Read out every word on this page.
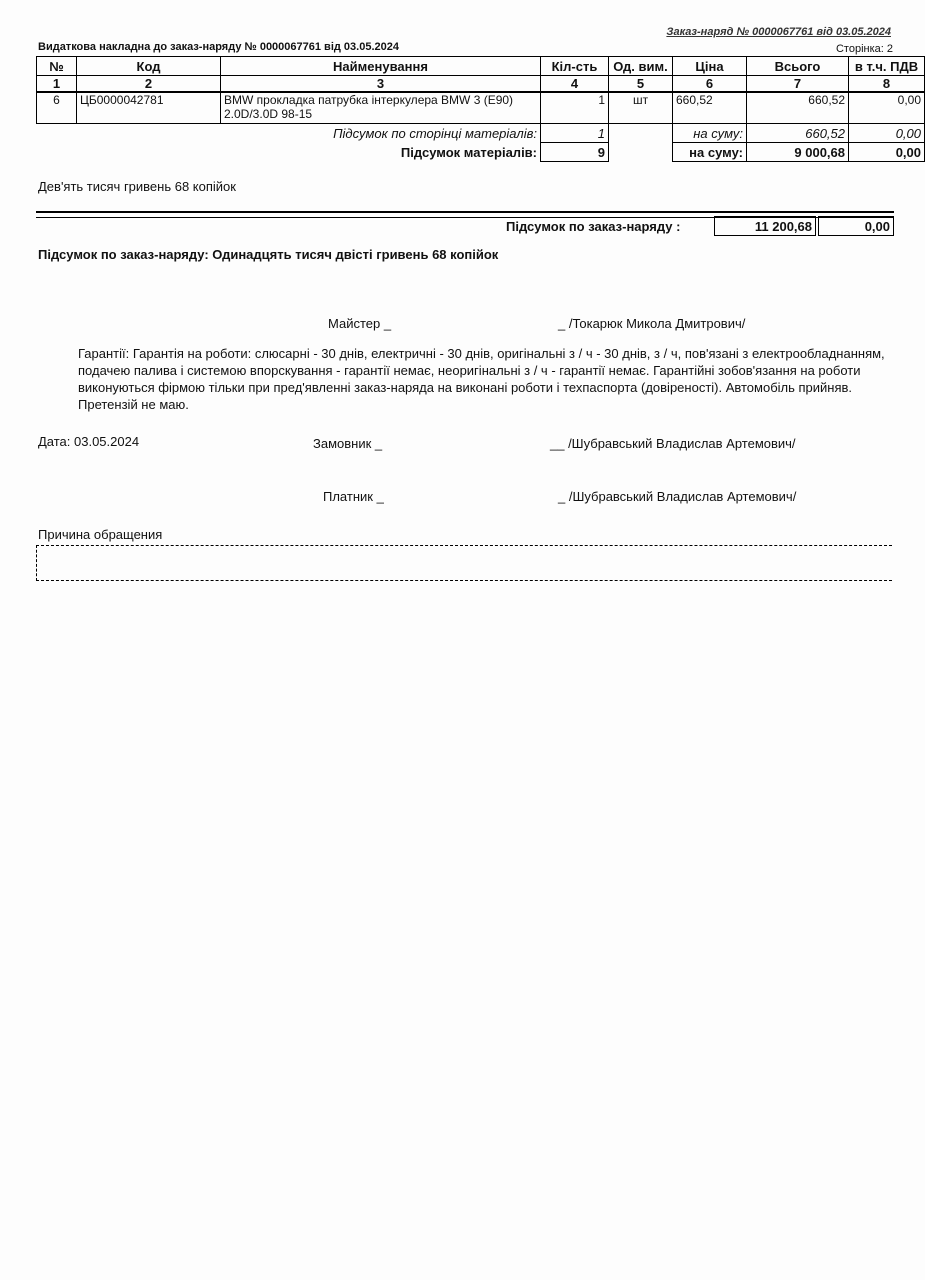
Заказ-наряд № 0000067761 від 03.05.2024
Видаткова накладна до заказ-наряду № 0000067761 від 03.05.2024	Сторінка: 2
№	Код	Найменування	Кіл-сть	Од. вим.	Ціна	Всього	в т.ч. ПДВ
1	2	3	4	5	6	7	8
6	ЦБ0000042781	BMW прокладка патрубка інтеркулера BMW 3 (E90) 2.0D/3.0D 98-15	1	шт	660,52	660,52	0,00
Підсумок по сторінці матеріалів:			1		на суму:	660,52	0,00
Підсумок матеріалів:			9		на суму:	9 000,68	0,00
Дев'ять тисяч гривень 68 копійок
Підсумок по заказ-наряду :	11 200,68	0,00
Підсумок по заказ-наряду: Одинадцять тисяч двісті гривень 68 копійок
Майстер _	_ /Токарюк Микола Дмитрович/
Гарантії: Гарантія на роботи: слюсарні - 30 днів, електричні - 30 днів, оригінальні з / ч - 30 днів, з / ч, пов'язані з електрообладнанням, подачею палива і системою впорскування - гарантії немає, неоригінальні з / ч - гарантії немає. Гарантійні зобов'язання на роботи виконуються фірмою тільки при пред'явленні заказ-наряда на виконані роботи і техпаспорта (довіреності). Автомобіль прийняв. Претензій не маю.
Дата: 03.05.2024	Замовник _	__ /Шубравський Владислав Артемович/
Платник _	_ /Шубравський Владислав Артемович/
Причина обращения
